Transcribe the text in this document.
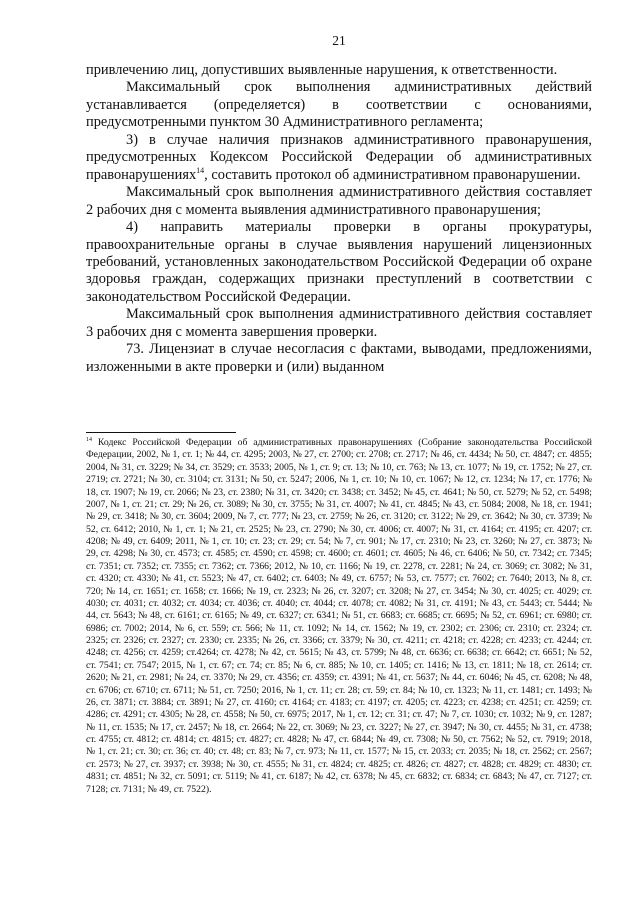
21

привлечению лиц, допустивших выявленные нарушения, к ответственности.

Максимальный срок выполнения административных действий устанавливается (определяется) в соответствии с основаниями, предусмотренными пунктом 30 Административного регламента;

3) в случае наличия признаков административного правонарушения, предусмотренных Кодексом Российской Федерации об административных правонарушениях$^{14}$, составить протокол об административном правонарушении.

Максимальный срок выполнения административного действия составляет 2 рабочих дня с момента выявления административного правонарушения;

4) направить материалы проверки в органы прокуратуры, правоохранительные органы в случае выявления нарушений лицензионных требований, установленных законодательством Российской Федерации об охране здоровья граждан, содержащих признаки преступлений в соответствии с законодательством Российской Федерации.

Максимальный срок выполнения административного действия составляет 3 рабочих дня с момента завершения проверки.

73. Лицензиат в случае несогласия с фактами, выводами, предложениями, изложенными в акте проверки и (или) выданном

$^{14}$ Кодекс Российской Федерации об административных правонарушениях (Собрание законодательства Российской Федерации, 2002, № 1, ст. 1; № 44, ст. 4295; 2003, № 27, ст. 2700; ст. 2708; ст. 2717; № 46, ст. 4434; № 50, ст. 4847; ст. 4855; 2004, № 31, ст. 3229; № 34, ст. 3529; ст. 3533; 2005, № 1, ст. 9; ст. 13; № 10, ст. 763; № 13, ст. 1077; № 19, ст. 1752; № 27, ст. 2719; ст. 2721; № 30, ст. 3104; ст. 3131; № 50, ст. 5247; 2006, № 1, ст. 10; № 10, ст. 1067; № 12, ст. 1234; № 17, ст. 1776; № 18, ст. 1907; № 19, ст. 2066; № 23, ст. 2380; № 31, ст. 3420; ст. 3438; ст. 3452; № 45, ст. 4641; № 50, ст. 5279; № 52, ст. 5498; 2007, № 1, ст. 21; ст. 29; № 26, ст. 3089; № 30, ст. 3755; № 31, ст. 4007; № 41, ст. 4845; № 43, ст. 5084; 2008, № 18, ст. 1941; № 29, ст. 3418; № 30, ст. 3604; 2009, № 7, ст. 777; № 23, ст. 2759; № 26, ст. 3120; ст. 3122; № 29, ст. 3642; № 30, ст. 3739; № 52, ст. 6412; 2010, № 1, ст. 1; № 21, ст. 2525; № 23, ст. 2790; № 30, ст. 4006; ст. 4007; № 31, ст. 4164; ст. 4195; ст. 4207; ст. 4208; № 49, ст. 6409; 2011, № 1, ст. 10; ст. 23; ст. 29; ст. 54; № 7, ст. 901; № 17, ст. 2310; № 23, ст. 3260; № 27, ст. 3873; № 29, ст. 4298; № 30, ст. 4573; ст. 4585; ст. 4590; ст. 4598; ст. 4600; ст. 4601; ст. 4605; № 46, ст. 6406; № 50, ст. 7342; ст. 7345; ст. 7351; ст. 7352; ст. 7355; ст. 7362; ст. 7366; 2012, № 10, ст. 1166; № 19, ст. 2278, ст. 2281; № 24, ст. 3069; ст. 3082; № 31, ст. 4320; ст. 4330; № 41, ст. 5523; № 47, ст. 6402; ст. 6403; № 49, ст. 6757; № 53, ст. 7577; ст. 7602; ст. 7640; 2013, № 8, ст. 720; № 14, ст. 1651; ст. 1658; ст. 1666; № 19, ст. 2323; № 26, ст. 3207; ст. 3208; № 27, ст. 3454; № 30, ст. 4025; ст. 4029; ст. 4030; ст. 4031; ст. 4032; ст. 4034; ст. 4036; ст. 4040; ст. 4044; ст. 4078; ст. 4082; № 31, ст. 4191; № 43, ст. 5443; ст. 5444; № 44, ст. 5643; № 48, ст. 6161; ст. 6165; № 49, ст. 6327; ст. 6341; № 51, ст. 6683; ст. 6685; ст. 6695; № 52, ст. 6961; ст. 6980; ст. 6986; ст. 7002; 2014, № 6, ст. 559; ст. 566; № 11, ст. 1092; № 14, ст. 1562; № 19, ст. 2302; ст. 2306; ст. 2310; ст. 2324; ст. 2325; ст. 2326; ст. 2327; ст. 2330; ст. 2335; № 26, ст. 3366; ст. 3379; № 30, ст. 4211; ст. 4218; ст. 4228; ст. 4233; ст. 4244; ст. 4248; ст. 4256; ст. 4259; ст.4264; ст. 4278; № 42, ст. 5615; № 43, ст. 5799; № 48, ст. 6636; ст. 6638; ст. 6642; ст. 6651; № 52, ст. 7541; ст. 7547; 2015, № 1, ст. 67; ст. 74; ст. 85; № 6, ст. 885; № 10, ст. 1405; ст. 1416; № 13, ст. 1811; № 18, ст. 2614; ст. 2620; № 21, ст. 2981; № 24, ст. 3370; № 29, ст. 4356; ст. 4359; ст. 4391; № 41, ст. 5637; № 44, ст. 6046; № 45, ст. 6208; № 48, ст. 6706; ст. 6710; ст. 6711; № 51, ст. 7250; 2016, № 1, ст. 11; ст. 28; ст. 59; ст. 84; № 10, ст. 1323; № 11, ст. 1481; ст. 1493; № 26, ст. 3871; ст. 3884; ст. 3891; № 27, ст. 4160; ст. 4164; ст. 4183; ст. 4197; ст. 4205; ст. 4223; ст. 4238; ст. 4251; ст. 4259; ст. 4286; ст. 4291; ст. 4305; № 28, ст. 4558; № 50, ст. 6975; 2017, № 1, ст. 12; ст. 31; ст. 47; № 7, ст. 1030; ст. 1032; № 9, ст. 1287; № 11, ст. 1535; № 17, ст. 2457; № 18, ст. 2664; № 22, ст. 3069; № 23, ст. 3227; № 27, ст. 3947; № 30, ст. 4455; № 31, ст. 4738; ст. 4755; ст. 4812; ст. 4814; ст. 4815; ст. 4827; ст. 4828; № 47, ст. 6844; № 49, ст. 7308; № 50, ст. 7562; № 52, ст. 7919; 2018, № 1, ст. 21; ст. 30; ст. 36; ст. 40; ст. 48; ст. 83; № 7, ст. 973; № 11, ст. 1577; № 15, ст. 2033; ст. 2035; № 18, ст. 2562; ст. 2567; ст. 2573; № 27, ст. 3937; ст. 3938; № 30, ст. 4555; № 31, ст. 4824; ст. 4825; ст. 4826; ст. 4827; ст. 4828; ст. 4829; ст. 4830; ст. 4831; ст. 4851; № 32, ст. 5091; ст. 5119; № 41, ст. 6187; № 42, ст. 6378; № 45, ст. 6832; ст. 6834; ст. 6843; № 47, ст. 7127; ст. 7128; ст. 7131; № 49, ст. 7522).
